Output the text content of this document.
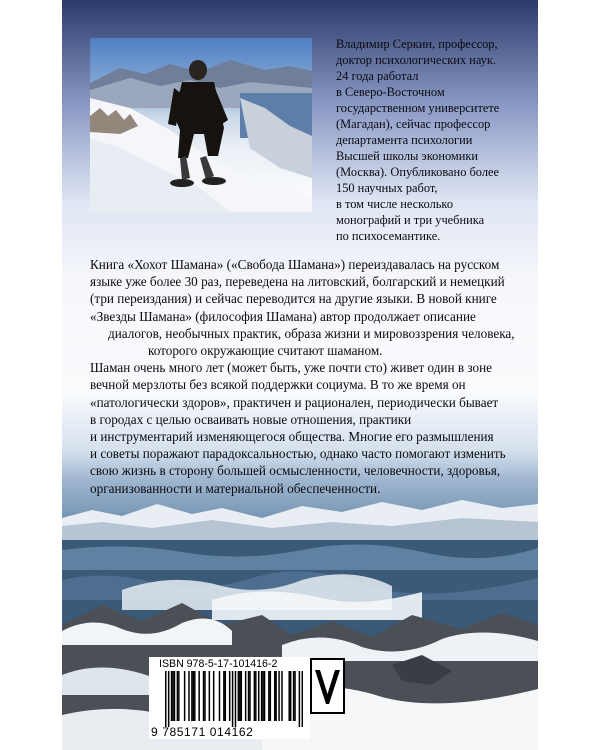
Владимир Серкин, профессор,
доктор психологических наук.
24 года работал
в Северо-Восточном
государственном университете
(Магадан), сейчас профессор
департамента психологии
Высшей школы экономики
(Москва). Опубликовано более
150 научных работ,
в том числе несколько
монографий и три учебника
по психосемантике.
Книга «Хохот Шамана» («Свобода Шамана») переиздавалась на русском
языке уже более 30 раз, переведена на литовский, болгарский и немецкий
(три переиздания) и сейчас переводится на другие языки. В новой книге
«Звезды Шамана» (философия Шамана) автор продолжает описание
диалогов, необычных практик, образа жизни и мировоззрения человека,
которого окружающие считают шаманом.
Шаман очень много лет (может быть, уже почти сто) живет один в зоне
вечной мерзлоты без всякой поддержки социума. В то же время он
«патологически здоров», практичен и рационален, периодически бывает
в городах с целью осваивать новые отношения, практики
и инструментарий изменяющегося общества. Многие его размышления
и советы поражают парадоксальностью, однако часто помогают изменить
свою жизнь в сторону большей осмысленности, человечности, здоровья,
организованности и материальной обеспеченности.
ISBN 978-5-17-101416-2
9 785171 014162
